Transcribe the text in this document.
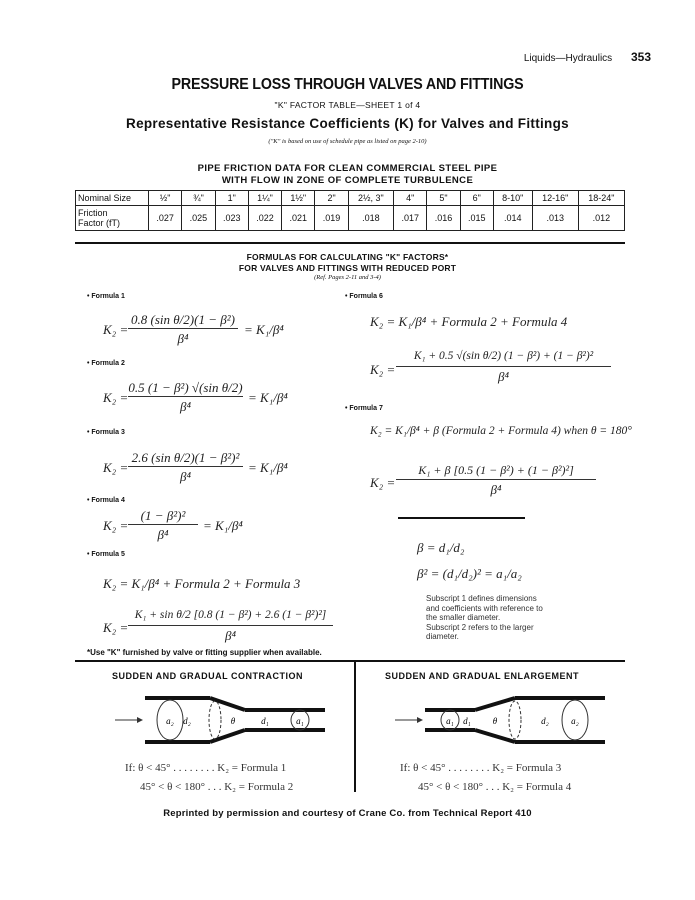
Liquids—Hydraulics 353
PRESSURE LOSS THROUGH VALVES AND FITTINGS
"K" FACTOR TABLE—SHEET 1 of 4
Representative Resistance Coefficients (K) for Valves and Fittings
("K" is based on use of schedule pipe as listed on page 2-10)
PIPE FRICTION DATA FOR CLEAN COMMERCIAL STEEL PIPE
WITH FLOW IN ZONE OF COMPLETE TURBULENCE
Nominal Size	½"	¾"	1"	1¼"	1½"	2"	2½, 3"	4"	5"	6"	8-10"	12-16"	18-24"

Friction
Factor (fT)	.027	.025	.023	.022	.021	.019	.018	.017	.016	.015	.014	.013	.012
FORMULAS FOR CALCULATING "K" FACTORS*
FOR VALVES AND FITTINGS WITH REDUCED PORT
(Ref. Pages 2-11 and 3-4)
• Formula 1
K₂ =
0.8 (sin θ/2)(1 − β²)
β⁴
= K₁/β⁴
• Formula 2
K₂ =
0.5 (1 − β²) √(sin θ/2)
β⁴
= K₁/β⁴
• Formula 3
K₂ =
2.6 (sin θ/2)(1 − β²)²
β⁴
= K₁/β⁴
• Formula 4
K₂ =
(1 − β²)²
β⁴
= K₁/β⁴
• Formula 5
K₂ = K₁/β⁴ + Formula 2 + Formula 3
K₂ =
K₁ + sin θ/2 [0.8 (1 − β²) + 2.6 (1 − β²)²]
β⁴
*Use "K" furnished by valve or fitting supplier when available.
• Formula 6
K₂ = K₁/β⁴ + Formula 2 + Formula 4
K₂ =
K₁ + 0.5 √(sin θ/2) (1 − β²) + (1 − β²)²
β⁴
• Formula 7
K₂ = K₁/β⁴ + β (Formula 2 + Formula 4) when θ = 180°
K₂ =
K₁ + β [0.5 (1 − β²) + (1 − β²)²]
β⁴
β = d₁/d₂
β² = (d₁/d₂)² = a₁/a₂
Subscript 1 defines dimensions
and coefficients with reference to
the smaller diameter.
Subscript 2 refers to the larger
diameter.
SUDDEN AND GRADUAL CONTRACTION
a₂ d₂	θ	d₁	a₁
If: θ < 45° . . . . . . . . K₂ = Formula 1
45° < θ < 180° . . . K₂ = Formula 2
SUDDEN AND GRADUAL ENLARGEMENT
a₁ d₁ θ	d₂ a₂
If: θ < 45° . . . . . . . . K₂ = Formula 3
45° < θ < 180° . . . K₂ = Formula 4
Reprinted by permission and courtesy of Crane Co. from Technical Report 410
